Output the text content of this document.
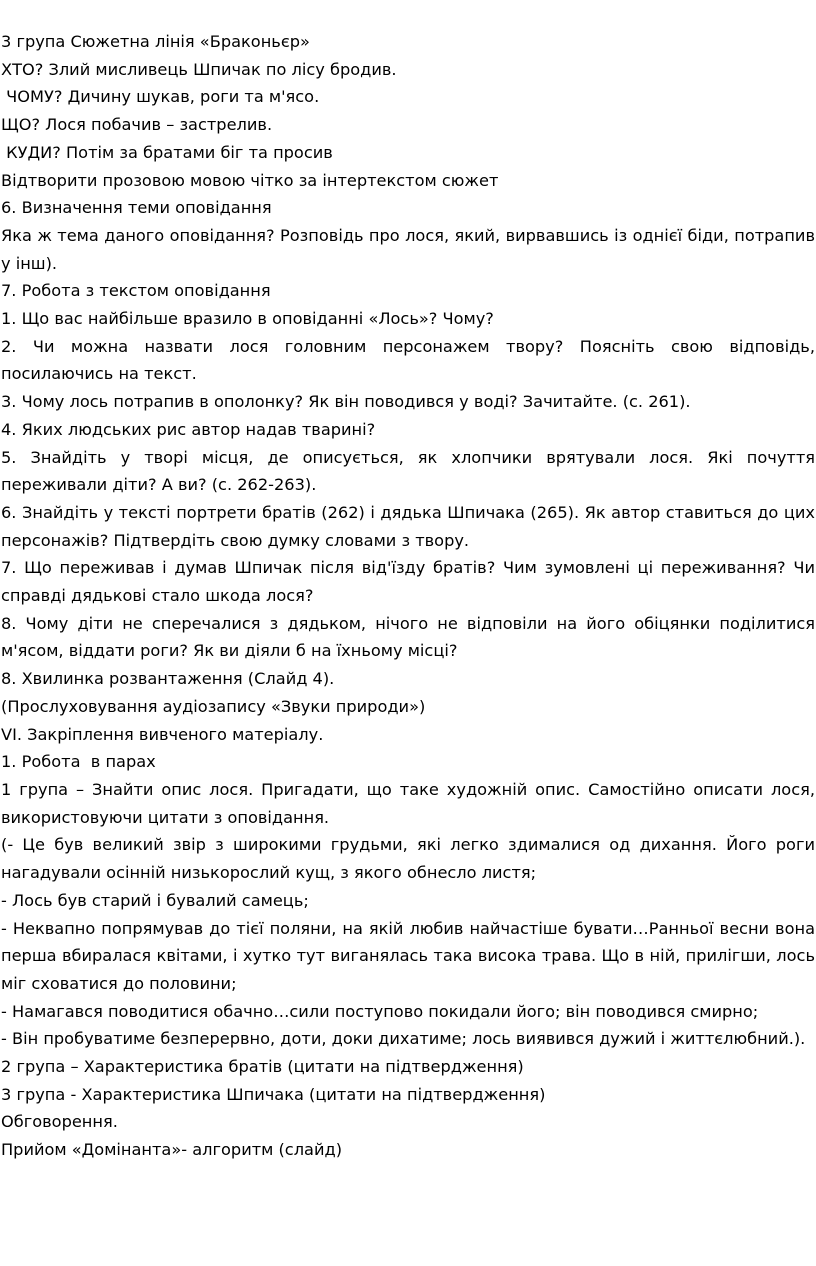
3 група Сюжетна лінія «Браконьєр»

ХТО? Злий мисливець Шпичак по лісу бродив.

ЧОМУ? Дичину шукав, роги та м'ясо.

ЩО? Лося побачив – застрелив.

КУДИ? Потім за братами біг та просив

Відтворити прозовою мовою чітко за інтертекстом сюжет

6. Визначення теми оповідання

Яка ж тема даного оповідання? Розповідь про лося, який, вирвавшись із однієї біди, потрапив у інш).

7. Робота з текстом оповідання

1. Що вас найбільше вразило в оповіданні «Лось»? Чому?

2. Чи можна назвати лося головним персонажем твору? Поясніть свою відповідь, посилаючись на текст.

3. Чому лось потрапив в ополонку? Як він поводився у воді? Зачитайте. (с. 261).

4. Яких людських рис автор надав тварині?

5. Знайдіть у творі місця, де описується, як хлопчики врятували лося. Які почуття переживали діти? А ви? (с. 262-263).

6. Знайдіть у тексті портрети братів (262) і дядька Шпичака (265). Як автор ставиться до цих персонажів? Підтвердіть свою думку словами з твору.

7. Що переживав і думав Шпичак після від'їзду братів? Чим зумовлені ці переживання? Чи справді дядькові стало шкода лося?

8. Чому діти не сперечалися з дядьком, нічого не відповіли на його обіцянки поділитися м'ясом, віддати роги? Як ви діяли б на їхньому місці?

8. Хвилинка розвантаження (Слайд 4).

(Прослуховування аудіозапису «Звуки природи»)

VI. Закріплення вивченого матеріалу.

1. Робота  в парах

1 група – Знайти опис лося. Пригадати, що таке художній опис. Самостійно описати лося, використовуючи цитати з оповідання.

(- Це був великий звір з широкими грудьми, які легко здималися од дихання. Його роги нагадували осінній низькорослий кущ, з якого обнесло листя;

- Лось був старий і бувалий самець;

- Неквапно попрямував до тієї поляни, на якій любив найчастіше бувати…Ранньої весни вона перша вбиралася квітами, і хутко тут виганялась така висока трава. Що в ній, прилігши, лось міг сховатися до половини;

- Намагався поводитися обачно…сили поступово покидали його; він поводився смирно;

- Він пробуватиме безперервно, доти, доки дихатиме; лось виявився дужий і життєлюбний.).

2 група – Характеристика братів (цитати на підтвердження)

3 група - Характеристика Шпичака (цитати на підтвердження)

Обговорення.

Прийом «Домінанта»- алгоритм (слайд)
